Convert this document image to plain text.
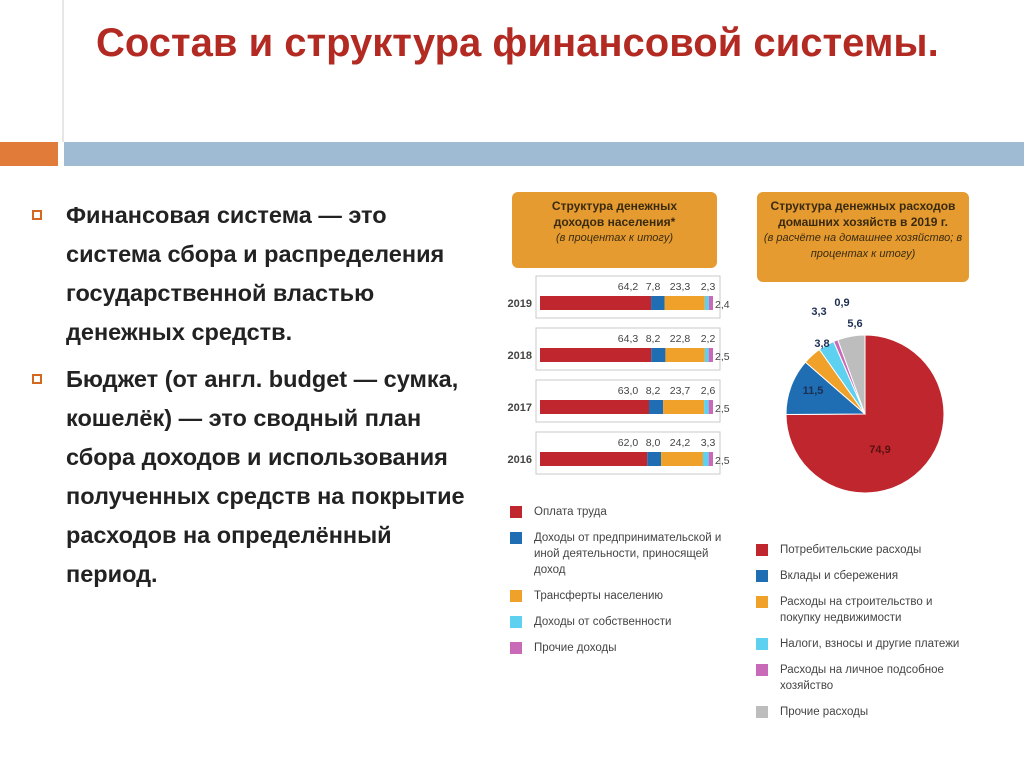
Состав и структура финансовой системы.
Финансовая система — это система сбора и распределения государственной властью денежных средств.
Бюджет (от англ. budget — сумка, кошелёк) — это сводный план сбора доходов и использования полученных средств на покрытие расходов на определённый период.
Структура денежных доходов населения*
(в процентах к итогу)
Структура денежных расходов домашних хозяйств в 2019 г.
(в расчёте на домашнее хозяйство; в процентах к итогу)
2019
64,2 7,8 23,3 2,3
2,4
2018
64,3 8,2 22,8 2,2
2,5
2017
63,0 8,2 23,7 2,6
2,5
2016
62,0 8,0 24,2 3,3
2,5
74,9
11,5
3,8
3,3
0,9
5,6
Оплата труда
Доходы от предпринимательской и иной деятельности, приносящей доход
Трансферты населению
Доходы от собственности
Прочие доходы
Потребительские расходы
Вклады и сбережения
Расходы на строительство и покупку недвижимости
Налоги, взносы и другие платежи
Расходы на личное подсобное хозяйство
Прочие расходы
